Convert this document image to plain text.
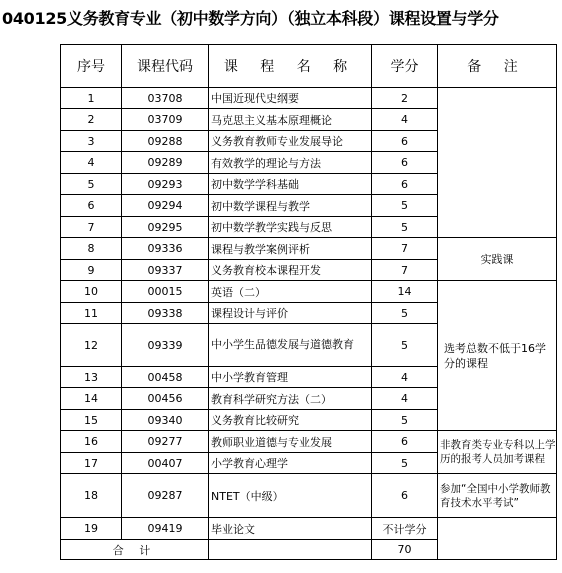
040125义务教育专业（初中数学方向）（独立本科段）课程设置与学分
序号	课程代码	课 程 名 称	学分	备 注
1	03708	中国近现代史纲要	2	
2	03709	马克思主义基本原理概论	4	
3	09288	义务教育教师专业发展导论	6	
4	09289	有效教学的理论与方法	6	
5	09293	初中数学学科基础	6	
6	09294	初中数学课程与教学	5	
7	09295	初中数学教学实践与反思	5	
8	09336	课程与教学案例评析	7	实践课
9	09337	义务教育校本课程开发	7	
10	00015	英语（二）	14	选考总数不低于16学分的课程
11	09338	课程设计与评价	5	
12	09339	中小学生品德发展与道德教育	5	
13	00458	中小学教育管理	4	
14	00456	教育科学研究方法（二）	4	
15	09340	义务教育比较研究	5	
16	09277	教师职业道德与专业发展	6	非教育类专业专科以上学历的报考人员加考课程
17	00407	小学教育心理学	5	
18	09287	NTET（中级）	6	参加“全国中小学教师教育技术水平考试”
19	09419	毕业论文	不计学分	
合 计			70	
